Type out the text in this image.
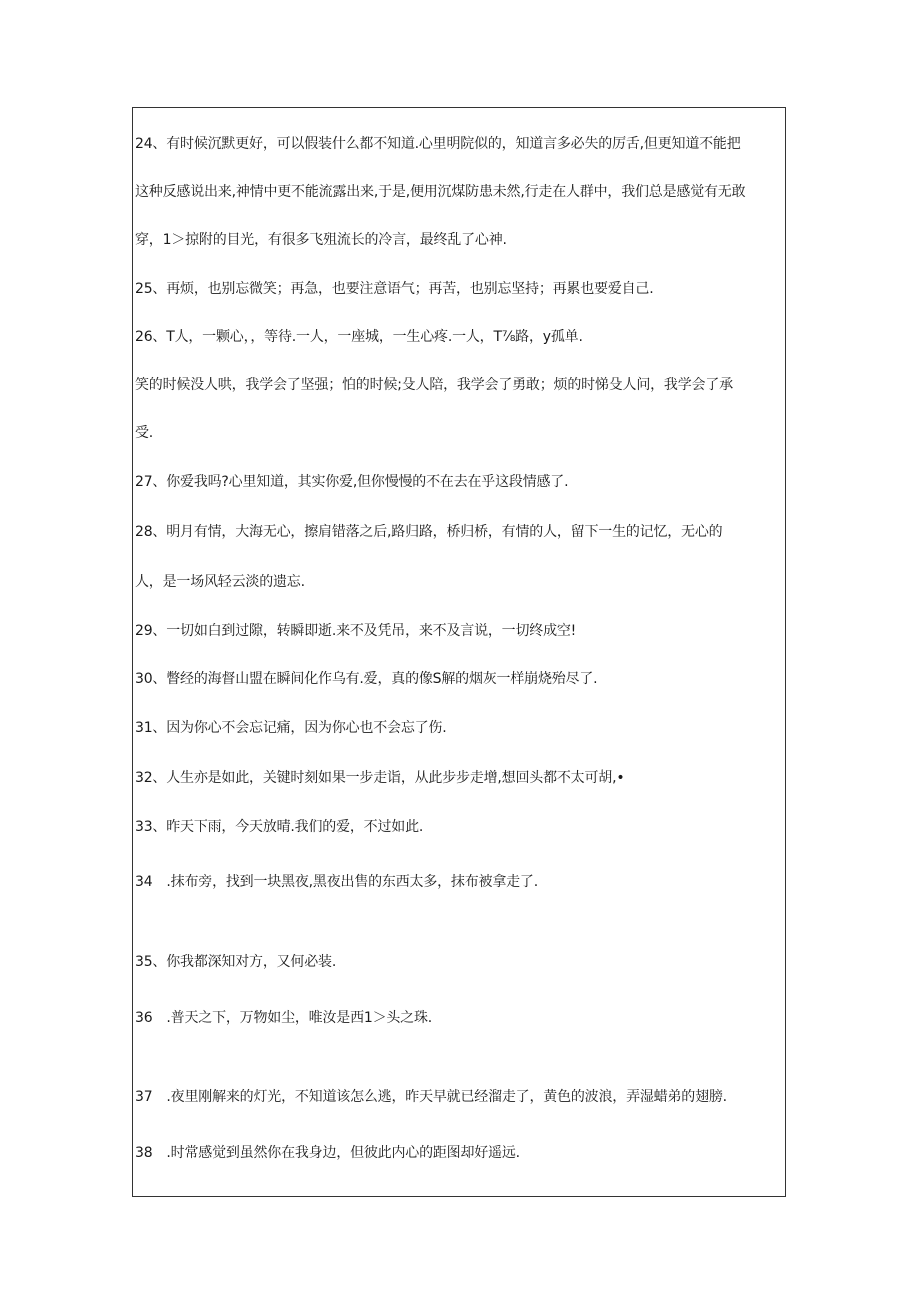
24、有时候沉默更好，可以假装什么都不知道.心里明院似的，知道言多必失的厉舌,但更知道不能把
这种反感说出来,神情中更不能流露出来,于是,便用沉煤防患未然,行走在人群中，我们总是感觉有无敢
穿，1＞掠附的目光，有很多飞殂流长的冷言，最终乱了心神.
25、再烦，也别忘微笑；再急，也要注意语气；再苦，也别忘坚持；再累也要爱自己.
26、T人，一颗心，，等待.一人，一座城，一生心疼.一人，T⅞路，y孤单.
笑的时候没人哄，我学会了坚强；怕的时候;殳人陪，我学会了勇敢；烦的时悌殳人问，我学会了承
受.
27、你爱我吗?心里知道，其实你爱,但你慢慢的不在去在乎这段情感了.
28、明月有情，大海无心，擦肩错落之后,路归路，桥归桥，有情的人，留下一生的记忆，无心的
人，是一场风轻云淡的遗忘.
29、一切如白到过隙，转瞬即逝.来不及凭吊，来不及言说，一切终成空!
30、瞥经的海督山盟在瞬间化作乌有.爱，真的像S解的烟灰一样崩烧殆尽了.
31、因为你心不会忘记痛，因为你心也不会忘了伤.
32、人生亦是如此，关键时刻如果一步走诣，从此步步走增,想回头都不太可胡,•
33、昨天下雨，今天放晴.我们的爱，不过如此.
34 .抹布旁，找到一块黑夜,黑夜出售的东西太多，抹布被拿走了.
35、你我都深知对方，又何必装.
36 .普天之下，万物如尘，唯汝是西1＞头之珠.
37 .夜里刚解来的灯光，不知道该怎么逃，昨天早就已经溜走了，黄色的波浪，弄湿蜡弟的翅膀.
38 .时常感觉到虽然你在我身边，但彼此内心的距图却好遥远.
